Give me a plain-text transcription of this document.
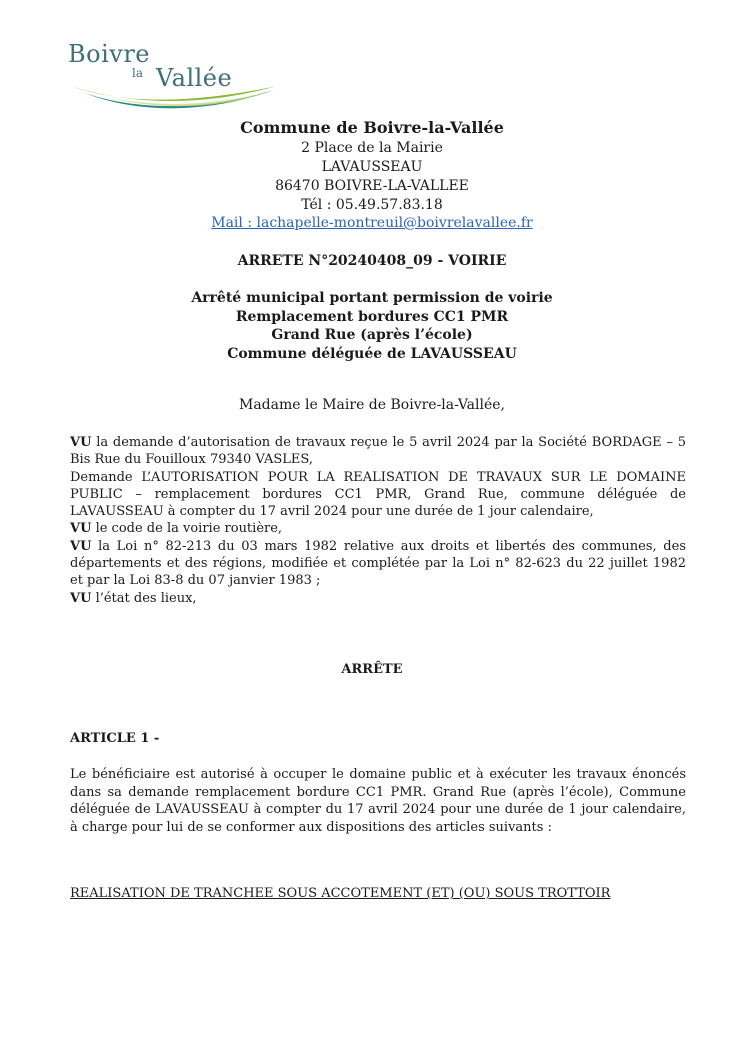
Boivre
la Vallée
Commune de Boivre-la-Vallée
2 Place de la Mairie
LAVAUSSEAU
86470 BOIVRE-LA-VALLEE
Tél : 05.49.57.83.18
Mail : lachapelle-montreuil@boivrelavallee.fr
ARRETE N°20240408_09 - VOIRIE
Arrêté municipal portant permission de voirie
Remplacement bordures CC1 PMR
Grand Rue (après l’école)
Commune déléguée de LAVAUSSEAU
Madame le Maire de Boivre-la-Vallée,

VU la demande d’autorisation de travaux reçue le 5 avril 2024 par la Société BORDAGE – 5 Bis Rue du Fouilloux 79340 VASLES,

Demande L’AUTORISATION POUR LA REALISATION DE TRAVAUX SUR LE DOMAINE PUBLIC – remplacement bordures CC1 PMR, Grand Rue, commune déléguée de LAVAUSSEAU à compter du 17 avril 2024 pour une durée de 1 jour calendaire,

VU le code de la voirie routière,

VU la Loi n° 82-213 du 03 mars 1982 relative aux droits et libertés des communes, des départements et des régions, modifiée et complétée par la Loi n° 82-623 du 22 juillet 1982 et par la Loi 83-8 du 07 janvier 1983 ;

VU l’état des lieux,

ARRÊTE
ARTICLE 1 -
Le bénéficiaire est autorisé à occuper le domaine public et à exécuter les travaux énoncés dans sa demande remplacement bordure CC1 PMR. Grand Rue (après l’école), Commune déléguée de LAVAUSSEAU à compter du 17 avril 2024 pour une durée de 1 jour calendaire, à charge pour lui de se conformer aux dispositions des articles suivants :
REALISATION DE TRANCHEE SOUS ACCOTEMENT (ET) (OU) SOUS TROTTOIR
